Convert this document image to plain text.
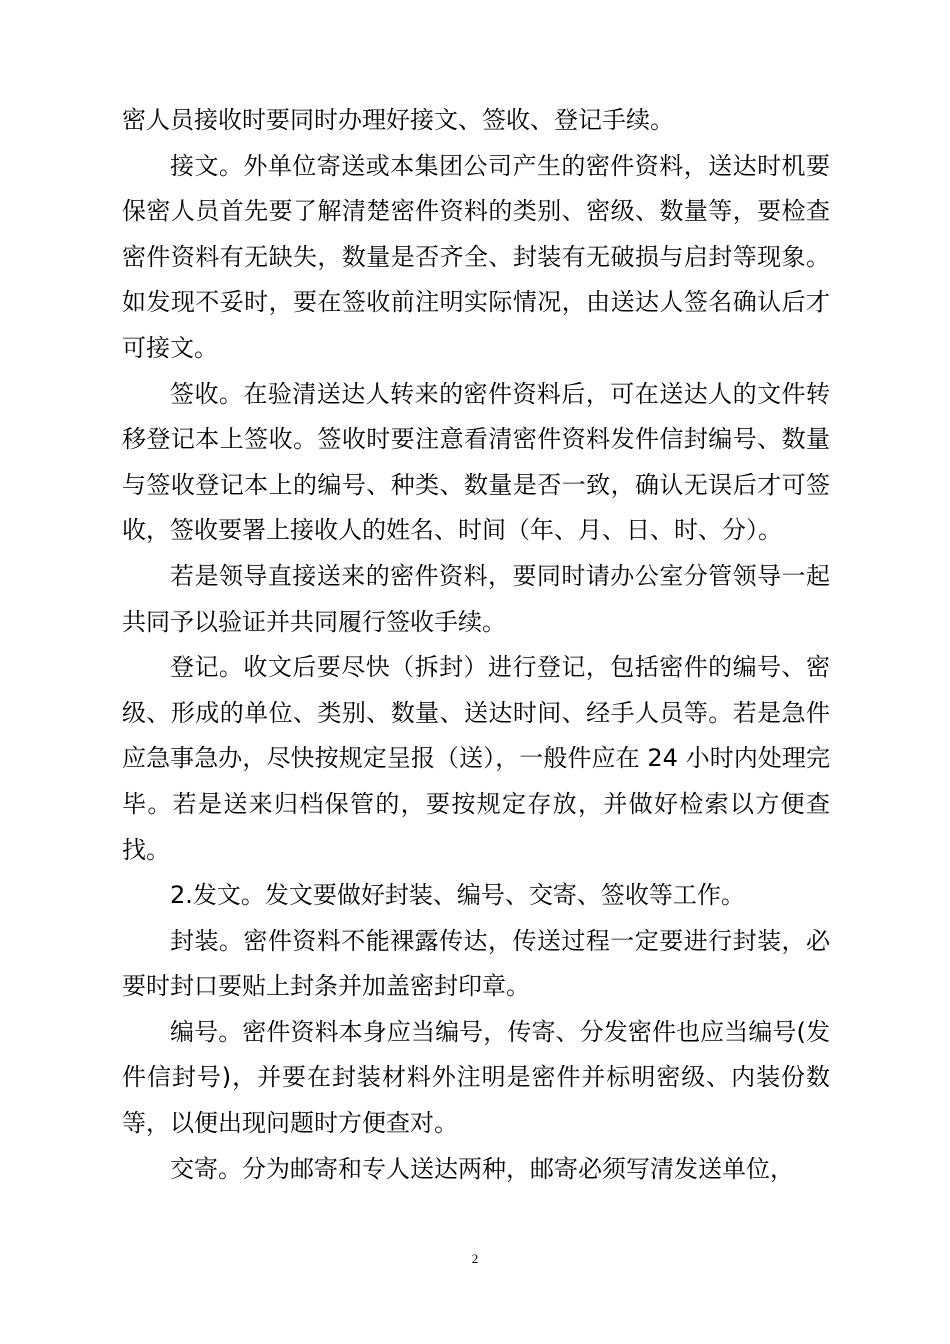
密人员接收时要同时办理好接文、签收、登记手续。

接文。外单位寄送或本集团公司产生的密件资料，送达时机要保密人员首先要了解清楚密件资料的类别、密级、数量等，要检查密件资料有无缺失，数量是否齐全、封装有无破损与启封等现象。如发现不妥时，要在签收前注明实际情况，由送达人签名确认后才可接文。

签收。在验清送达人转来的密件资料后，可在送达人的文件转移登记本上签收。签收时要注意看清密件资料发件信封编号、数量与签收登记本上的编号、种类、数量是否一致，确认无误后才可签收，签收要署上接收人的姓名、时间（年、月、日、时、分）。

若是领导直接送来的密件资料，要同时请办公室分管领导一起共同予以验证并共同履行签收手续。

登记。收文后要尽快（拆封）进行登记，包括密件的编号、密级、形成的单位、类别、数量、送达时间、经手人员等。若是急件应急事急办，尽快按规定呈报（送），一般件应在 24 小时内处理完毕。若是送来归档保管的，要按规定存放，并做好检索以方便查找。

2.发文。发文要做好封装、编号、交寄、签收等工作。

封装。密件资料不能裸露传达，传送过程一定要进行封装，必要时封口要贴上封条并加盖密封印章。

编号。密件资料本身应当编号，传寄、分发密件也应当编号(发件信封号)，并要在封装材料外注明是密件并标明密级、内装份数等，以便出现问题时方便查对。

交寄。分为邮寄和专人送达两种，邮寄必须写清发送单位，

2
